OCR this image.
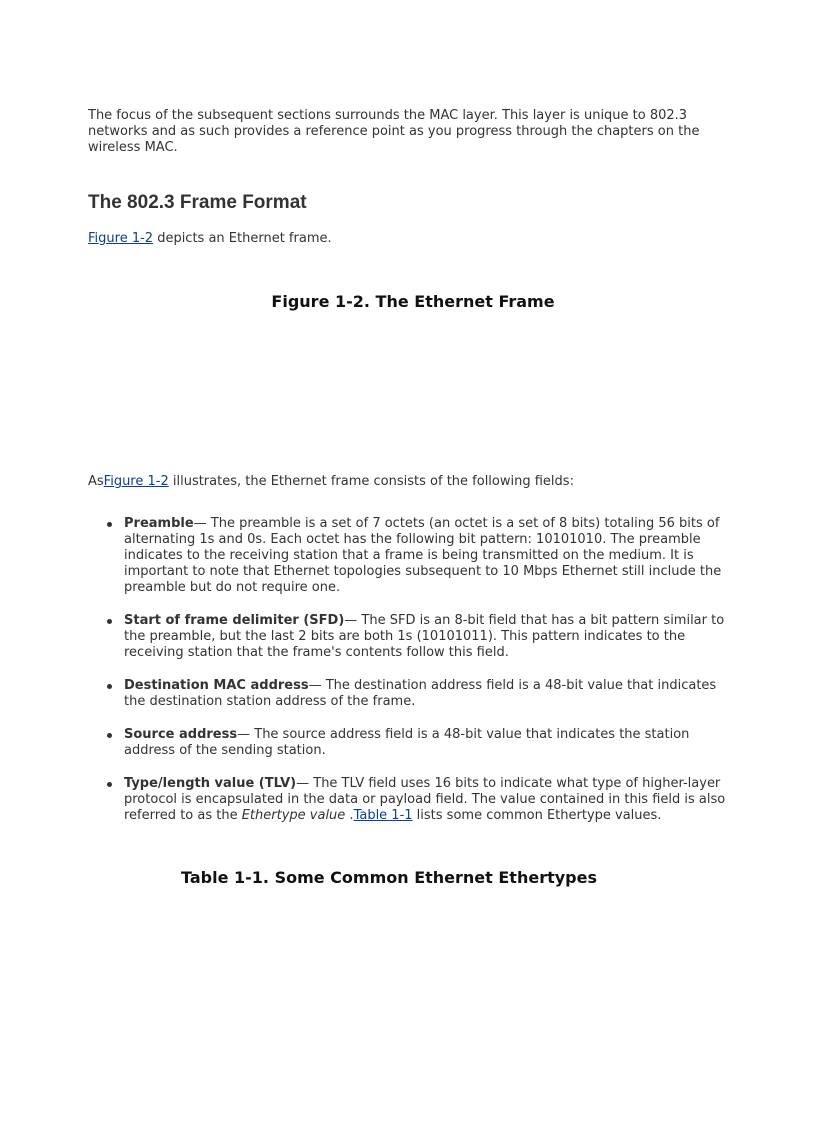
The focus of the subsequent sections surrounds the MAC layer. This layer is unique to 802.3 networks and as such provides a reference point as you progress through the chapters on the wireless MAC.

The 802.3 Frame Format

Figure 1-2 depicts an Ethernet frame.

Figure 1-2. The Ethernet Frame

AsFigure 1-2 illustrates, the Ethernet frame consists of the following fields:

Preamble— The preamble is a set of 7 octets (an octet is a set of 8 bits) totaling 56 bits of alternating 1s and 0s. Each octet has the following bit pattern: 10101010. The preamble indicates to the receiving station that a frame is being transmitted on the medium. It is important to note that Ethernet topologies subsequent to 10 Mbps Ethernet still include the preamble but do not require one.
Start of frame delimiter (SFD)— The SFD is an 8-bit field that has a bit pattern similar to the preamble, but the last 2 bits are both 1s (10101011). This pattern indicates to the receiving station that the frame's contents follow this field.
Destination MAC address— The destination address field is a 48-bit value that indicates the destination station address of the frame.
Source address— The source address field is a 48-bit value that indicates the station address of the sending station.
Type/length value (TLV)— The TLV field uses 16 bits to indicate what type of higher-layer protocol is encapsulated in the data or payload field. The value contained in this field is also referred to as the Ethertype value .Table 1-1 lists some common Ethertype values.
Table 1-1. Some Common Ethernet Ethertypes
